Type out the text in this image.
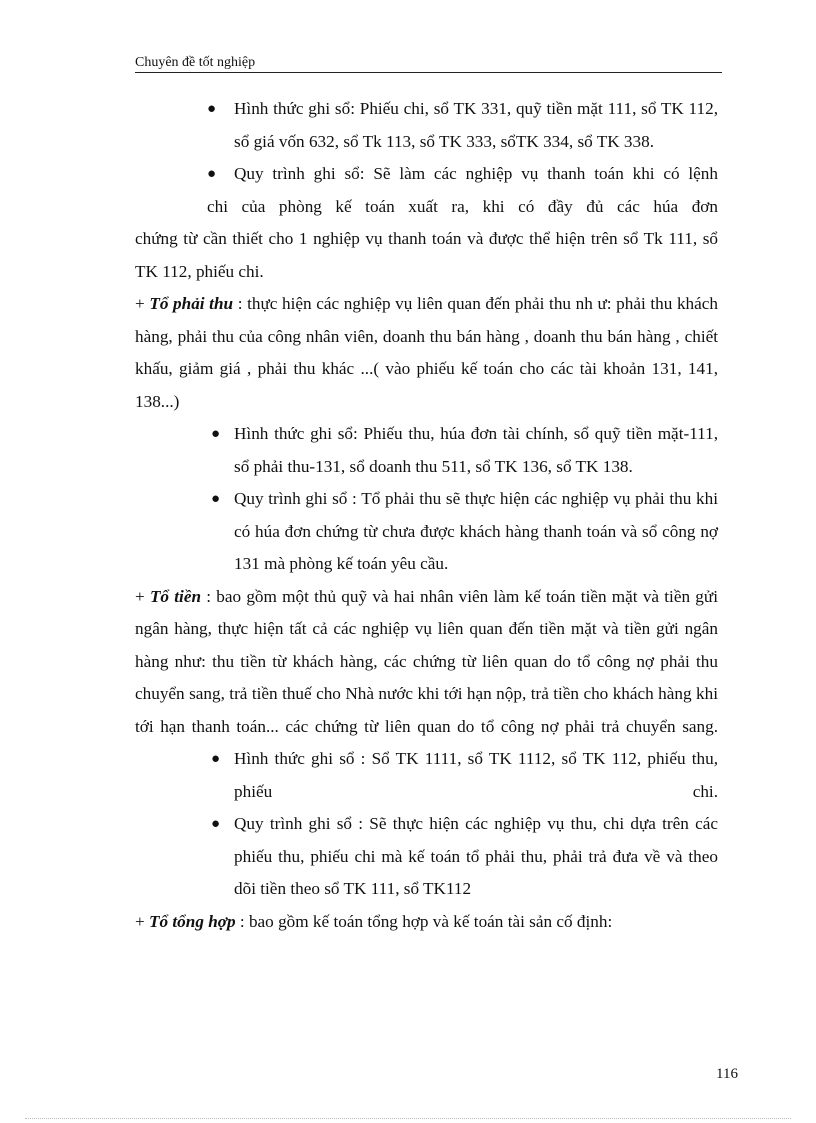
Chuyên đề tốt nghiệp

● Hình thức ghi sổ: Phiếu chi, sổ TK 331, quỹ tiền mặt 111, sổ TK 112, sổ giá vốn 632, sổ Tk 113, sổ TK 333, sổTK 334, sổ TK 338.

● Quy trình ghi sổ: Sẽ làm các nghiệp vụ thanh toán khi có lệnh
chi của phòng kế toán xuất ra, khi có đầy đủ các húa đơn
chứng từ cần thiết cho 1 nghiệp vụ thanh toán và được thể hiện trên sổ Tk 111, sổ TK 112, phiếu chi.

+ Tổ phải thu : thực hiện các nghiệp vụ liên quan đến phải thu nh ư: phải thu khách hàng, phải thu của công nhân viên, doanh thu bán hàng , doanh thu bán hàng , chiết khấu, giảm giá , phải thu khác ...( vào phiếu kế toán cho các tài khoản 131, 141, 138...)

● Hình thức ghi sổ: Phiếu thu, húa đơn tài chính, sổ quỹ tiền mặt-111, sổ phải thu-131, sổ doanh thu 511, sổ TK 136, sổ TK 138.

● Quy trình ghi sổ : Tổ phải thu sẽ thực hiện các nghiệp vụ phải thu khi có húa đơn chứng từ chưa được khách hàng thanh toán và sổ công nợ 131 mà phòng kế toán yêu cầu.

+ Tổ tiền : bao gồm một thủ quỹ và hai nhân viên làm kế toán tiền mặt và tiền gửi ngân hàng, thực hiện tất cả các nghiệp vụ liên quan đến tiền mặt và tiền gửi ngân hàng như: thu tiền từ khách hàng, các chứng từ liên quan do tổ công nợ phải thu chuyển sang, trả tiền thuế cho Nhà nước khi tới hạn nộp, trả tiền cho khách hàng khi tới hạn thanh toán... các chứng từ liên quan do tổ công nợ phải trả chuyển sang.

● Hình thức ghi sổ : Sổ TK 1111, sổ TK 1112, sổ TK 112, phiếu thu, phiếu chi.

● Quy trình ghi sổ : Sẽ thực hiện các nghiệp vụ thu, chi dựa trên các phiếu thu, phiếu chi mà kế toán tổ phải thu, phải trả đưa về và theo dõi tiền theo sổ TK 111, sổ TK112

+ Tổ tổng hợp : bao gồm kế toán tổng hợp và kế toán tài sản cố định:

116
